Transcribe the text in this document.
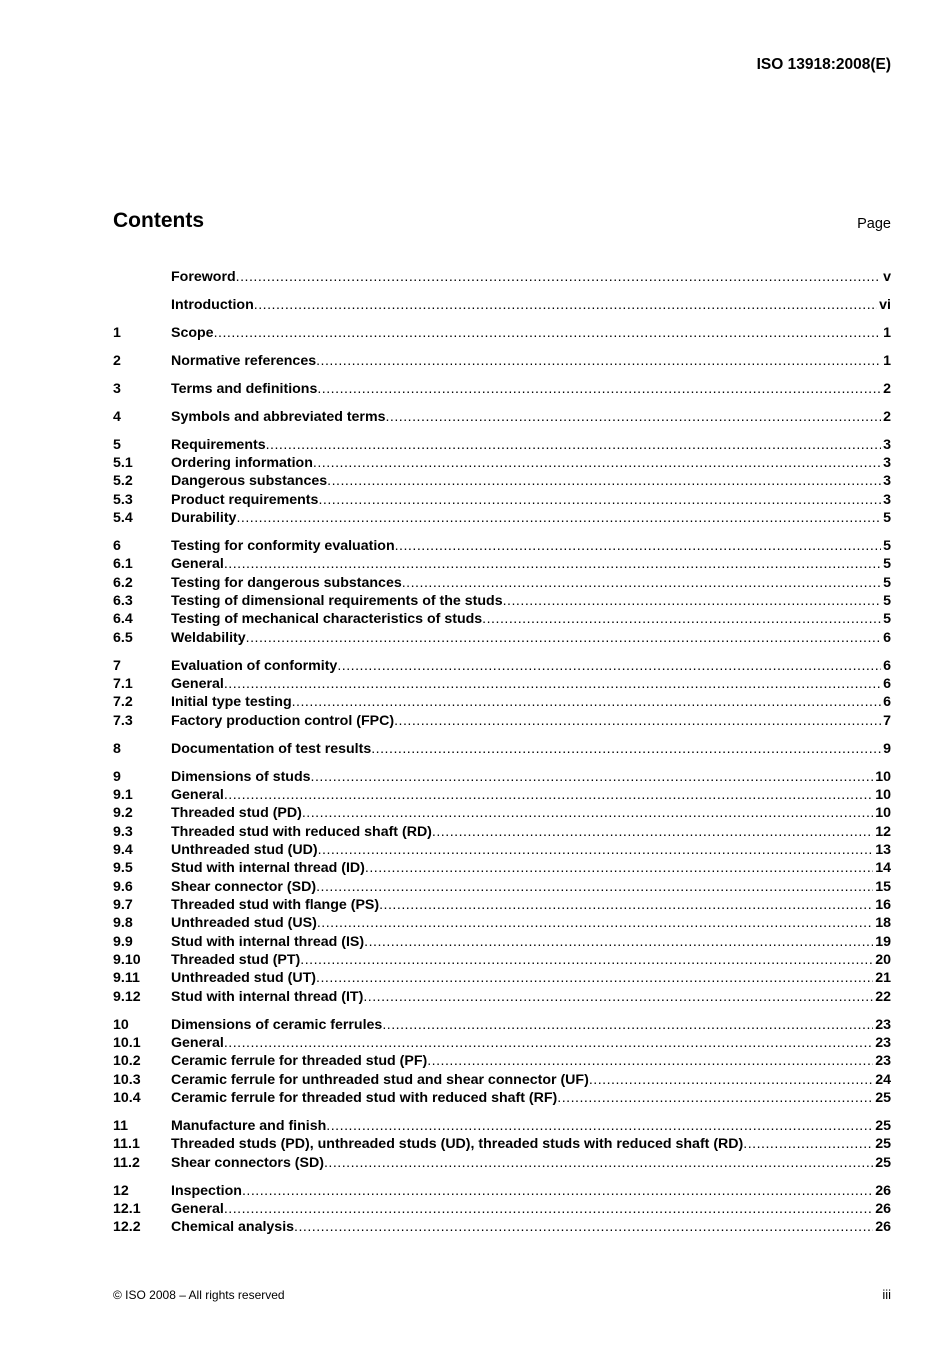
ISO 13918:2008(E)
Contents	Page
Foreword .....	v
Introduction .....	vi
1	Scope .....	1
2	Normative references .....	1
3	Terms and definitions .....	2
4	Symbols and abbreviated terms .....	2
5	Requirements .....	3
5.1	Ordering information .....	3
5.2	Dangerous substances .....	3
5.3	Product requirements .....	3
5.4	Durability .....	5
6	Testing for conformity evaluation .....	5
6.1	General .....	5
6.2	Testing for dangerous substances .....	5
6.3	Testing of dimensional requirements of the studs .....	5
6.4	Testing of mechanical characteristics of studs .....	5
6.5	Weldability .....	6
7	Evaluation of conformity .....	6
7.1	General .....	6
7.2	Initial type testing .....	6
7.3	Factory production control (FPC) .....	7
8	Documentation of test results .....	9
9	Dimensions of studs .....	10
9.1	General .....	10
9.2	Threaded stud (PD) .....	10
9.3	Threaded stud with reduced shaft (RD) .....	12
9.4	Unthreaded stud (UD) .....	13
9.5	Stud with internal thread (ID) .....	14
9.6	Shear connector (SD) .....	15
9.7	Threaded stud with flange (PS) .....	16
9.8	Unthreaded stud (US) .....	18
9.9	Stud with internal thread (IS) .....	19
9.10	Threaded stud (PT) .....	20
9.11	Unthreaded stud (UT) .....	21
9.12	Stud with internal thread (IT) .....	22
10	Dimensions of ceramic ferrules .....	23
10.1	General .....	23
10.2	Ceramic ferrule for threaded stud (PF) .....	23
10.3	Ceramic ferrule for unthreaded stud and shear connector (UF) .....	24
10.4	Ceramic ferrule for threaded stud with reduced shaft (RF) .....	25
11	Manufacture and finish .....	25
11.1	Threaded studs (PD), unthreaded studs (UD), threaded studs with reduced shaft (RD) .....	25
11.2	Shear connectors (SD) .....	25
12	Inspection .....	26
12.1	General .....	26
12.2	Chemical analysis .....	26
© ISO 2008 – All rights reserved	iii
